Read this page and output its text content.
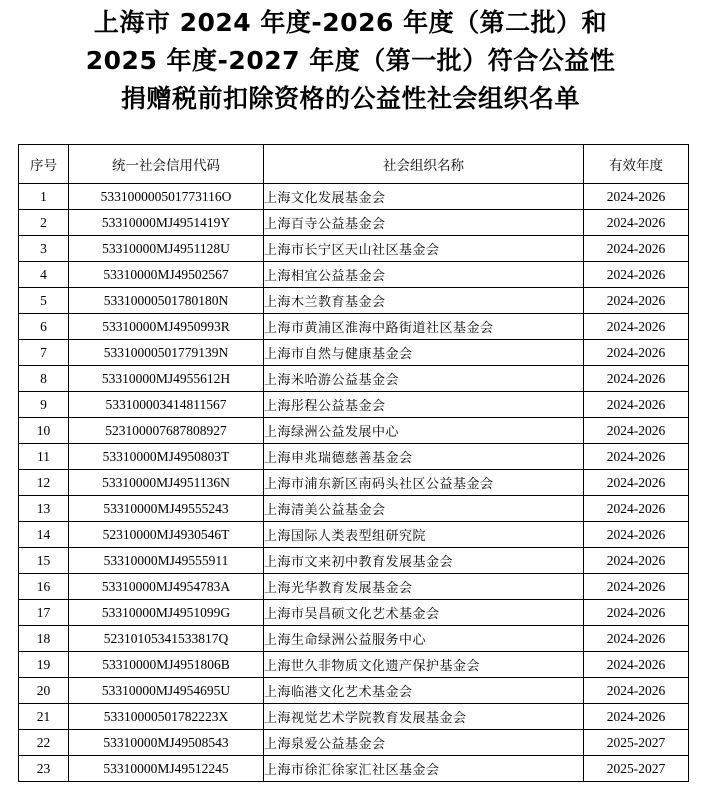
上海市 2024 年度-2026 年度（第二批）和
2025 年度-2027 年度（第一批）符合公益性
捐赠税前扣除资格的公益性社会组织名单
序号	统一社会信用代码	社会组织名称	有效年度
1	533100000501773116O	上海文化发展基金会	2024-2026
2	53310000MJ4951419Y	上海百寺公益基金会	2024-2026
3	53310000MJ4951128U	上海市长宁区天山社区基金会	2024-2026
4	53310000MJ49502567	上海相宜公益基金会	2024-2026
5	53310000501780180N	上海木兰教育基金会	2024-2026
6	53310000MJ4950993R	上海市黄浦区淮海中路街道社区基金会	2024-2026
7	53310000501779139N	上海市自然与健康基金会	2024-2026
8	53310000MJ4955612H	上海米哈游公益基金会	2024-2026
9	533100003414811567	上海彤程公益基金会	2024-2026
10	523100007687808927	上海绿洲公益发展中心	2024-2026
11	53310000MJ4950803T	上海申兆瑞德慈善基金会	2024-2026
12	53310000MJ4951136N	上海市浦东新区南码头社区公益基金会	2024-2026
13	53310000MJ49555243	上海清美公益基金会	2024-2026
14	52310000MJ4930546T	上海国际人类表型组研究院	2024-2026
15	53310000MJ49555911	上海市文来初中教育发展基金会	2024-2026
16	53310000MJ4954783A	上海光华教育发展基金会	2024-2026
17	53310000MJ4951099G	上海市吴昌硕文化艺术基金会	2024-2026
18	52310105341533817Q	上海生命绿洲公益服务中心	2024-2026
19	53310000MJ4951806B	上海世久非物质文化遗产保护基金会	2024-2026
20	53310000MJ4954695U	上海临港文化艺术基金会	2024-2026
21	53310000501782223X	上海视觉艺术学院教育发展基金会	2024-2026
22	53310000MJ49508543	上海泉爱公益基金会	2025-2027
23	53310000MJ49512245	上海市徐汇徐家汇社区基金会	2025-2027
